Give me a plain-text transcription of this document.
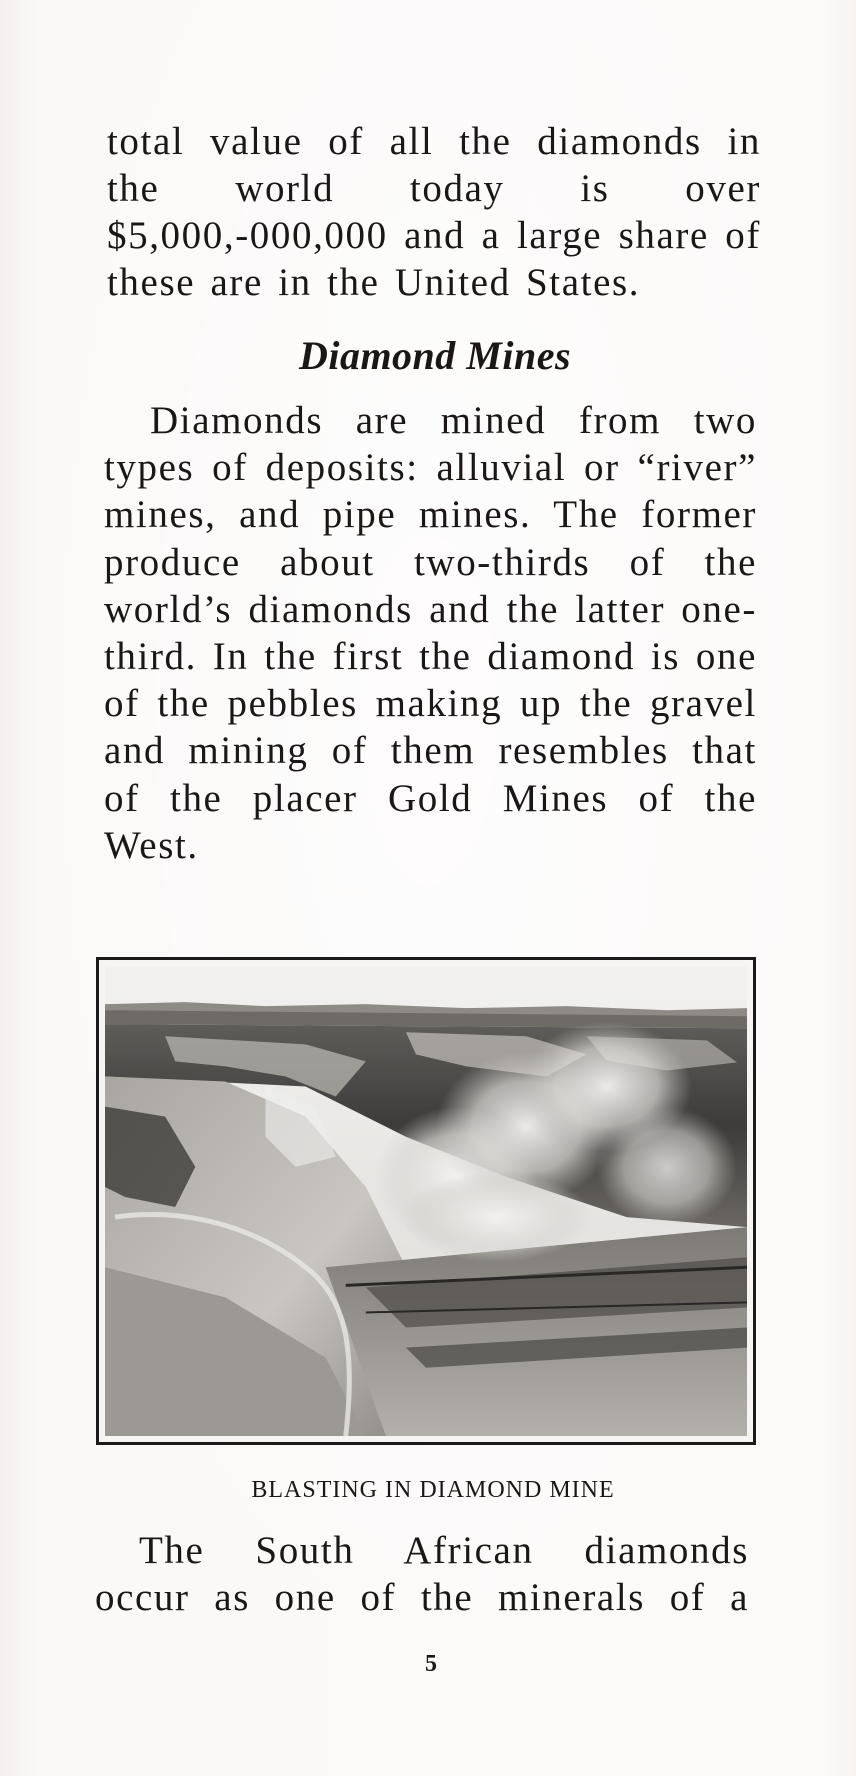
total value of all the diamonds in the world today is over $5,000,-000,000 and a large share of these are in the United States.

Diamond Mines

Diamonds are mined from two types of deposits: alluvial or “river” mines, and pipe mines. The former produce about two-thirds of the world’s diamonds and the latter one-third. In the first the diamond is one of the pebbles making up the gravel and mining of them resembles that of the placer Gold Mines of the West.

BLASTING IN DIAMOND MINE

The South African diamonds occur as one of the minerals of a

5
